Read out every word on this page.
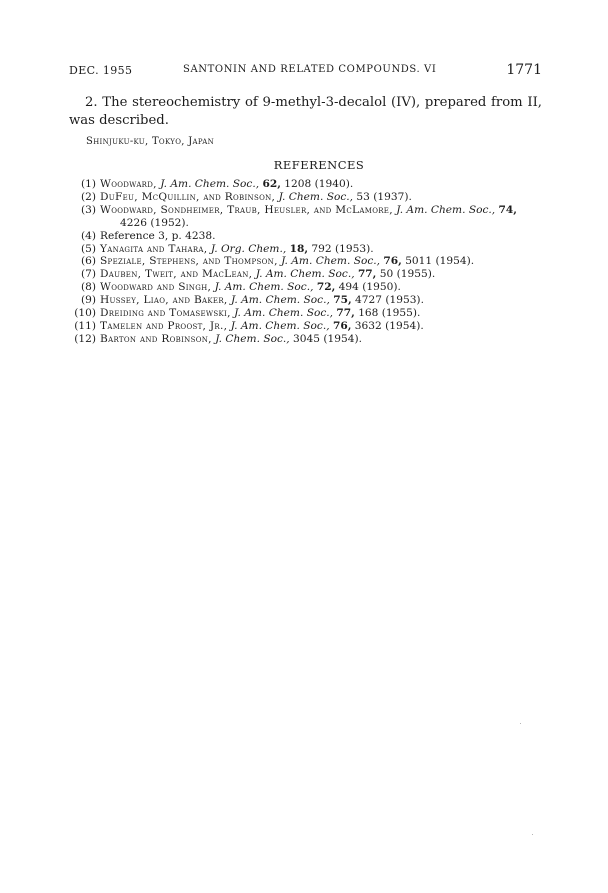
DEC. 1955	SANTONIN AND RELATED COMPOUNDS. VI	1771
2. The stereochemistry of 9-methyl-3-decalol (IV), prepared from II, was described.
Shinjuku-ku, Tokyo, Japan
REFERENCES
(1) Woodward, J. Am. Chem. Soc., 62, 1208 (1940).
(2) DuFeu, McQuillin, and Robinson, J. Chem. Soc., 53 (1937).
(3) Woodward, Sondheimer, Traub, Heusler, and McLamore, J. Am. Chem. Soc., 74,
4226 (1952).
(4) Reference 3, p. 4238.
(5) Yanagita and Tahara, J. Org. Chem., 18, 792 (1953).
(6) Speziale, Stephens, and Thompson, J. Am. Chem. Soc., 76, 5011 (1954).
(7) Dauben, Tweit, and MacLean, J. Am. Chem. Soc., 77, 50 (1955).
(8) Woodward and Singh, J. Am. Chem. Soc., 72, 494 (1950).
(9) Hussey, Liao, and Baker, J. Am. Chem. Soc., 75, 4727 (1953).
(10) Dreiding and Tomasewski, J. Am. Chem. Soc., 77, 168 (1955).
(11) Tamelen and Proost, Jr., J. Am. Chem. Soc., 76, 3632 (1954).
(12) Barton and Robinson, J. Chem. Soc., 3045 (1954).
